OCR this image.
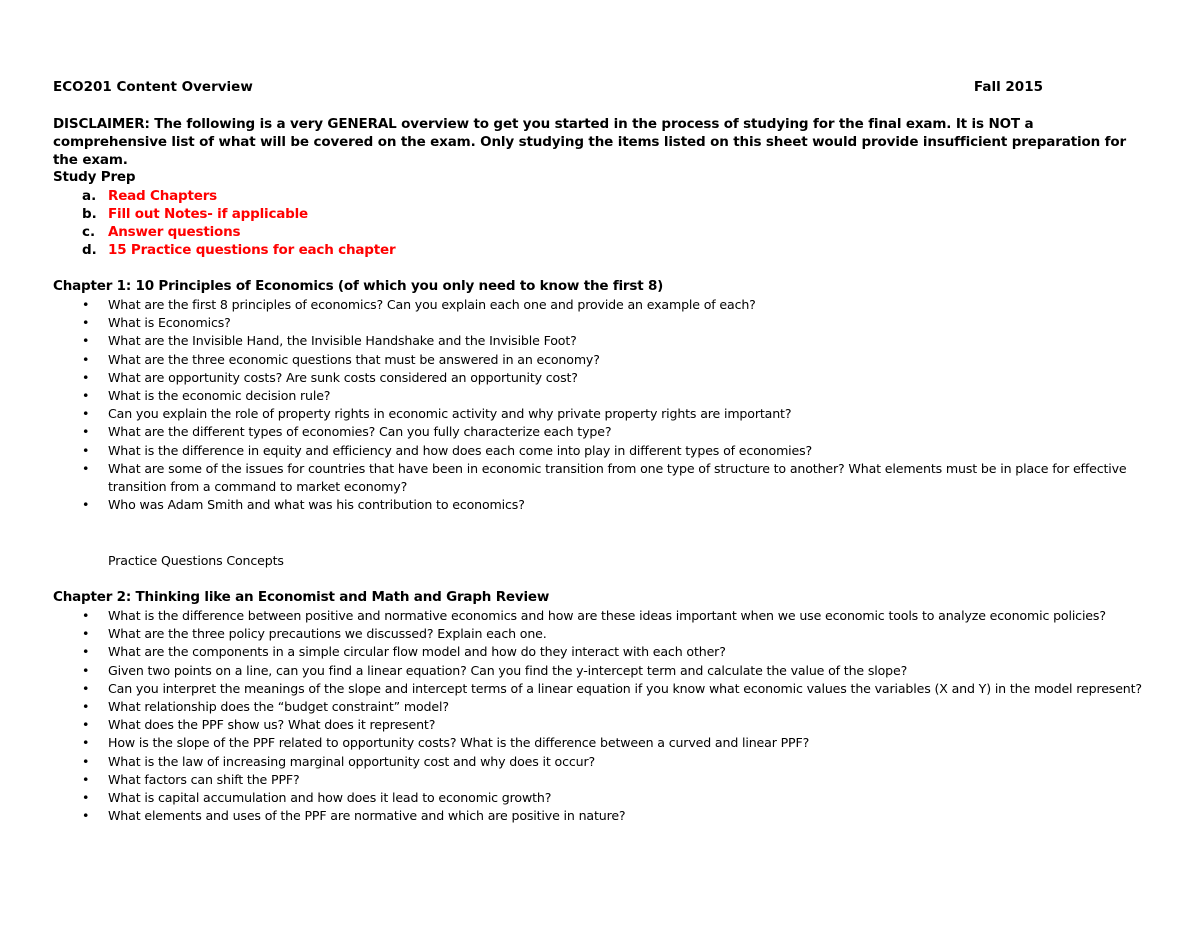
ECO201 Content Overview	Fall 2015
DISCLAIMER: The following is a very GENERAL overview to get you started in the process of studying for the final exam. It is NOT a comprehensive list of what will be covered on the exam. Only studying the items listed on this sheet would provide insufficient preparation for the exam.
Study Prep
a. Read Chapters
b. Fill out Notes- if applicable
c. Answer questions
d. 15 Practice questions for each chapter
Chapter 1: 10 Principles of Economics (of which you only need to know the first 8)
• What are the first 8 principles of economics? Can you explain each one and provide an example of each?
• What is Economics?
• What are the Invisible Hand, the Invisible Handshake and the Invisible Foot?
• What are the three economic questions that must be answered in an economy?
• What are opportunity costs? Are sunk costs considered an opportunity cost?
• What is the economic decision rule?
• Can you explain the role of property rights in economic activity and why private property rights are important?
• What are the different types of economies? Can you fully characterize each type?
• What is the difference in equity and efficiency and how does each come into play in different types of economies?
• What are some of the issues for countries that have been in economic transition from one type of structure to another? What elements must be in place for effective transition from a command to market economy?
• Who was Adam Smith and what was his contribution to economics?
Practice Questions Concepts
Chapter 2: Thinking like an Economist and Math and Graph Review
• What is the difference between positive and normative economics and how are these ideas important when we use economic tools to analyze economic policies?
• What are the three policy precautions we discussed? Explain each one.
• What are the components in a simple circular flow model and how do they interact with each other?
• Given two points on a line, can you find a linear equation? Can you find the y-intercept term and calculate the value of the slope?
• Can you interpret the meanings of the slope and intercept terms of a linear equation if you know what economic values the variables (X and Y) in the model represent?
• What relationship does the “budget constraint” model?
• What does the PPF show us? What does it represent?
• How is the slope of the PPF related to opportunity costs? What is the difference between a curved and linear PPF?
• What is the law of increasing marginal opportunity cost and why does it occur?
• What factors can shift the PPF?
• What is capital accumulation and how does it lead to economic growth?
• What elements and uses of the PPF are normative and which are positive in nature?
